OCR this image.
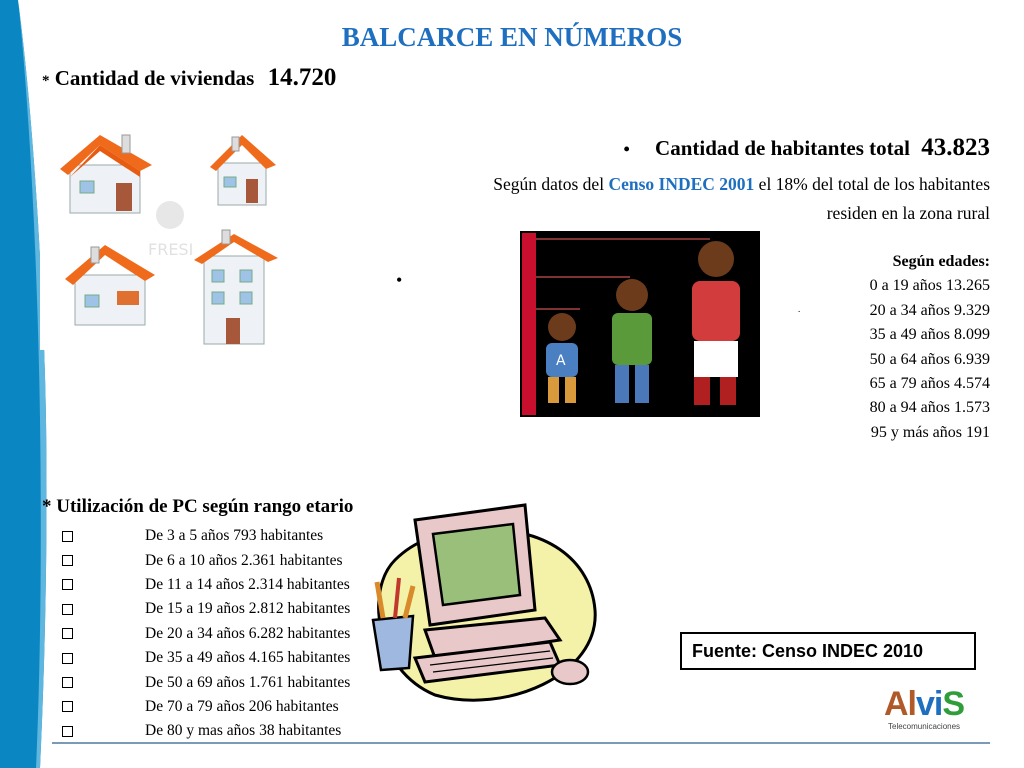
BALCARCE EN NÚMEROS
* Cantidad de viviendas 14.720
FRESI
• Cantidad de habitantes total 43.823
Según datos del Censo INDEC 2001 el 18% del total de los habitantes
residen en la zona rural
A
•
.
Según edades:
0 a 19 años 13.265
20 a 34 años 9.329
35 a 49 años 8.099
50 a 64 años 6.939
65 a 79 años 4.574
80 a 94 años 1.573
95 y más años 191
* Utilización de PC según rango etario
De 3 a 5 años 793 habitantes
De 6 a 10 años 2.361 habitantes
De 11 a 14 años 2.314 habitantes
De 15 a 19 años 2.812 habitantes
De 20 a 34 años 6.282 habitantes
De 35 a 49 años 4.165 habitantes
De 50 a 69 años 1.761 habitantes
De 70 a 79 años 206 habitantes
De 80 y mas años 38 habitantes
Fuente: Censo INDEC 2010
AlviS
Telecomunicaciones
